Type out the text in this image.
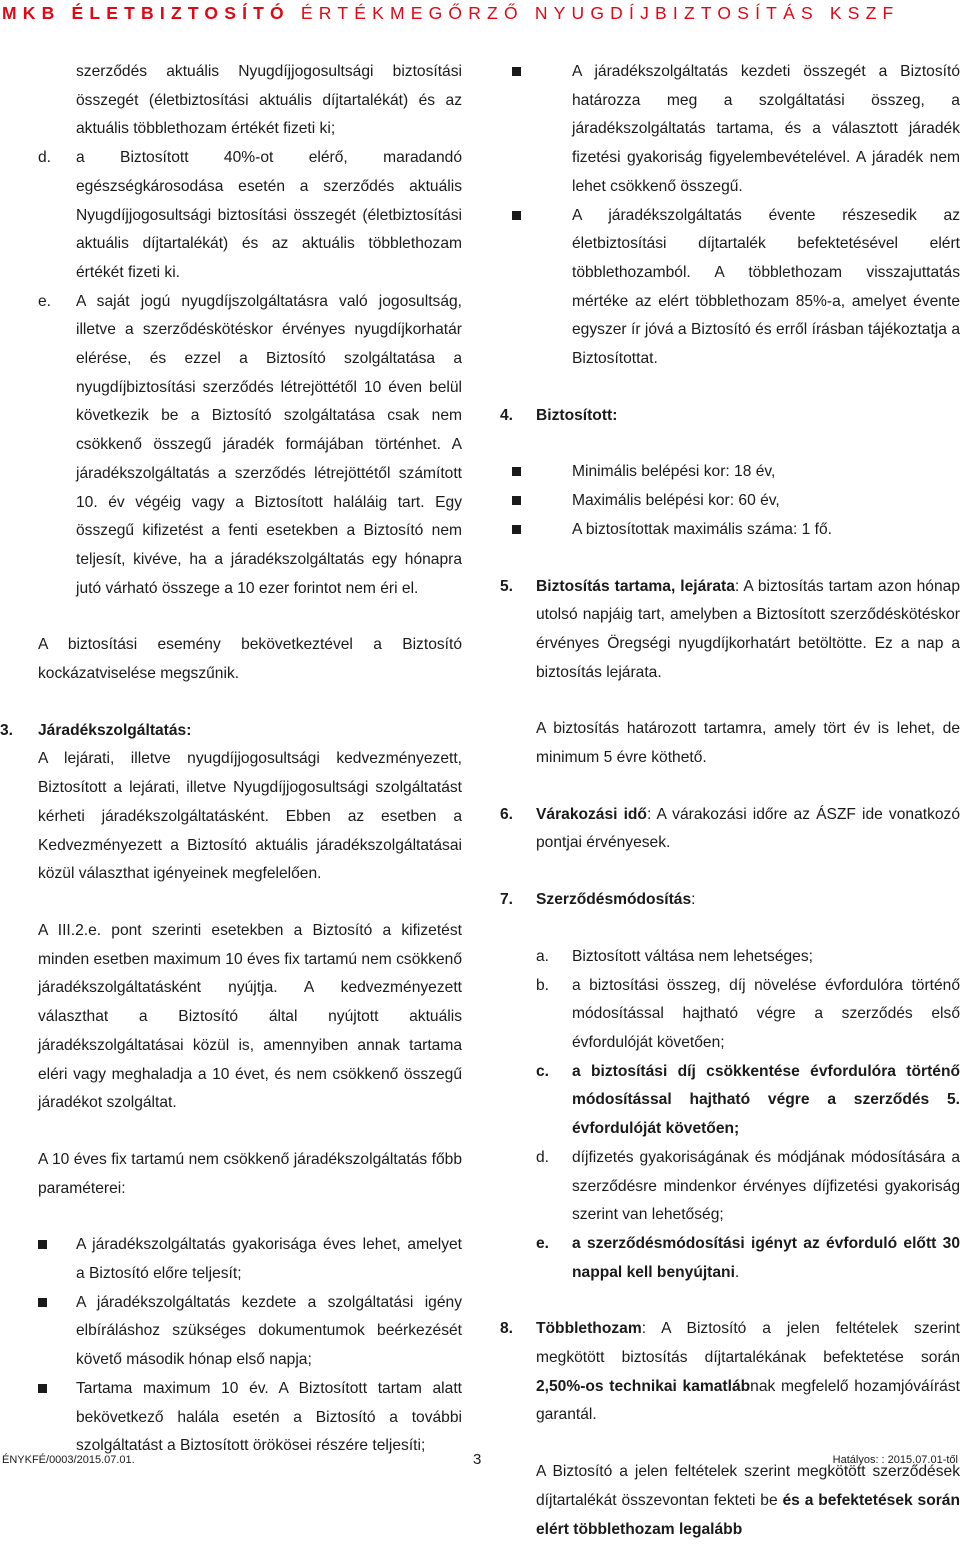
MKB ÉLETBIZTOSÍTÓ ÉRTÉKMEGŐRZŐ NYUGDÍJBIZTOSÍTÁS KSZF

szerződés aktuális Nyugdíjjogosultsági biztosítási összegét (életbiztosítási aktuális díjtartalékát) és az aktuális többlethozam értékét fizeti ki;

d. a Biztosított 40%-ot elérő, maradandó egészségkárosodása esetén a szerződés aktuális Nyugdíjjogosultsági biztosítási összegét (életbiztosítási aktuális díjtartalékát) és az aktuális többlethozam értékét fizeti ki.

e. A saját jogú nyugdíjszolgáltatásra való jogosultság, illetve a szerződéskötéskor érvényes nyugdíjkorhatár elérése, és ezzel a Biztosító szolgáltatása a nyugdíjbiztosítási szerződés létrejöttétől 10 éven belül következik be a Biztosító szolgáltatása csak nem csökkenő összegű járadék formájában történhet. A járadékszolgáltatás a szerződés létrejöttétől számított 10. év végéig vagy a Biztosított haláláig tart. Egy összegű kifizetést a fenti esetekben a Biztosító nem teljesít, kivéve, ha a járadékszolgáltatás egy hónapra jutó várható összege a 10 ezer forintot nem éri el.

A biztosítási esemény bekövetkeztével a Biztosító kockázatviselése megszűnik.

3. Járadékszolgáltatás:

A lejárati, illetve nyugdíjjogosultsági kedvezményezett, Biztosított a lejárati, illetve Nyugdíjjogosultsági szolgáltatást kérheti járadékszolgáltatásként. Ebben az esetben a Kedvezményezett a Biztosító aktuális járadékszolgáltatásai közül választhat igényeinek megfelelően.

A III.2.e. pont szerinti esetekben a Biztosító a kifizetést minden esetben maximum 10 éves fix tartamú nem csökkenő járadékszolgáltatásként nyújtja. A kedvezményezett választhat a Biztosító által nyújtott aktuális járadékszolgáltatásai közül is, amennyiben annak tartama eléri vagy meghaladja a 10 évet, és nem csökkenő összegű járadékot szolgáltat.

A 10 éves fix tartamú nem csökkenő járadékszolgáltatás főbb paraméterei:

A járadékszolgáltatás gyakorisága éves lehet, amelyet a Biztosító előre teljesít;

A járadékszolgáltatás kezdete a szolgáltatási igény elbíráláshoz szükséges dokumentumok beérkezését követő második hónap első napja;

Tartama maximum 10 év. A Biztosított tartam alatt bekövetkező halála esetén a Biztosító a további szolgáltatást a Biztosított örökösei részére teljesíti;

A járadékszolgáltatás kezdeti összegét a Biztosító határozza meg a szolgáltatási összeg, a járadékszolgáltatás tartama, és a választott járadék fizetési gyakoriság figyelembevételével. A járadék nem lehet csökkenő összegű.

A járadékszolgáltatás évente részesedik az életbiztosítási díjtartalék befektetésével elért többlethozamból. A többlethozam visszajuttatás mértéke az elért többlethozam 85%-a, amelyet évente egyszer ír jóvá a Biztosító és erről írásban tájékoztatja a Biztosítottat.

4. Biztosított:

Minimális belépési kor: 18 év,

Maximális belépési kor: 60 év,

A biztosítottak maximális száma: 1 fő.

5. Biztosítás tartama, lejárata: A biztosítás tartam azon hónap utolsó napjáig tart, amelyben a Biztosított szerződéskötéskor érvényes Öregségi nyugdíjkorhatárt betöltötte. Ez a nap a biztosítás lejárata.

A biztosítás határozott tartamra, amely tört év is lehet, de minimum 5 évre köthető.

6. Várakozási idő: A várakozási időre az ÁSZF ide vonatkozó pontjai érvényesek.

7. Szerződésmódosítás:

a. Biztosított váltása nem lehetséges;

b. a biztosítási összeg, díj növelése évfordulóra történő módosítással hajtható végre a szerződés első évfordulóját követően;

c. a biztosítási díj csökkentése évfordulóra történő módosítással hajtható végre a szerződés 5. évfordulóját követően;

d. díjfizetés gyakoriságának és módjának módosítására a szerződésre mindenkor érvényes díjfizetési gyakoriság szerint van lehetőség;

e. a szerződésmódosítási igényt az évforduló előtt 30 nappal kell benyújtani.

8. Többlethozam: A Biztosító a jelen feltételek szerint megkötött biztosítás díjtartalékának befektetése során 2,50%-os technikai kamatlábnak megfelelő hozamjóváírást garantál.

A Biztosító a jelen feltételek szerint megkötött szerződések díjtartalékát összevontan fekteti be és a befektetések során elért többlethozam legalább

ÉNYKFÉ/0003/2015.07.01.	3	Hatályos: : 2015.07.01-től
